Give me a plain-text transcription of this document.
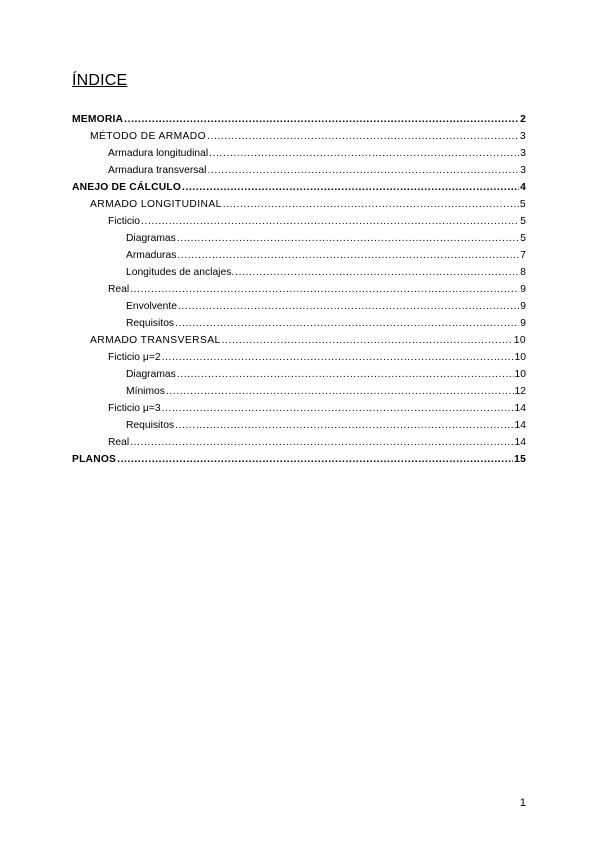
ÍNDICE
MEMORIA .....	2
MÉTODO DE ARMADO .....	3
Armadura longitudinal .....	3
Armadura transversal .....	3
ANEJO DE CÁLCULO .....	4
ARMADO LONGITUDINAL .....	5
Ficticio .....	5
Diagramas .....	5
Armaduras .....	7
Longitudes de anclajes. .....	8
Real .....	9
Envolvente .....	9
Requisitos .....	9
ARMADO TRANSVERSAL .....	10
Ficticio μ=2 .....	10
Diagramas .....	10
Mínimos .....	12
Ficticio μ=3 .....	14
Requisitos .....	14
Real .....	14
PLANOS .....	15
1
